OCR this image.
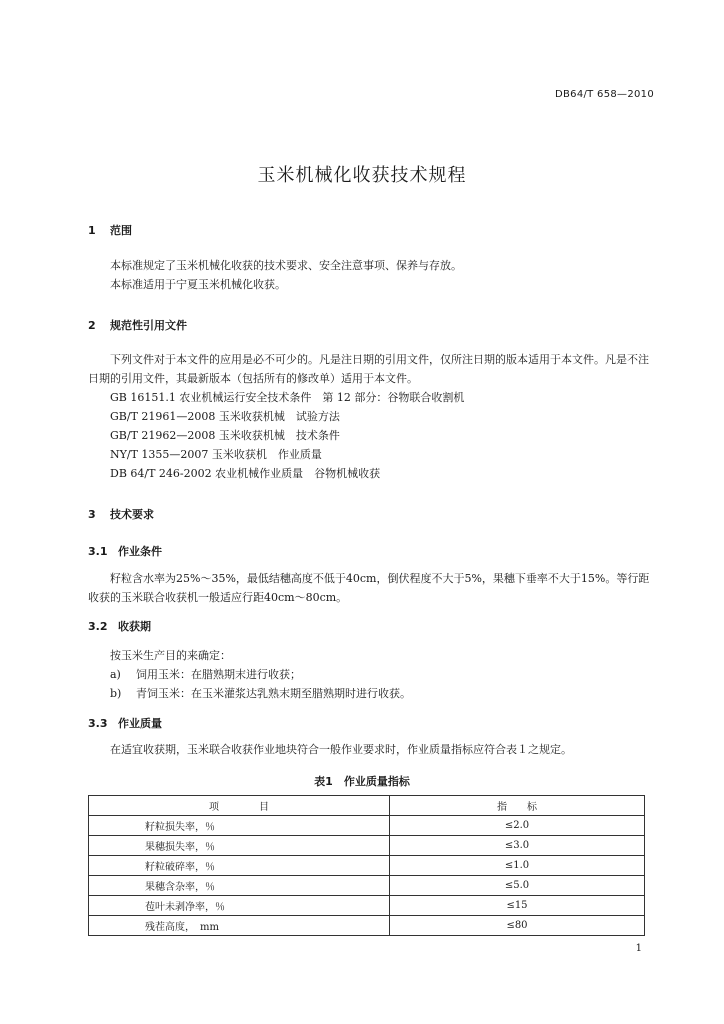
DB64/T 658—2010
玉米机械化收获技术规程
1 范围
本标准规定了玉米机械化收获的技术要求、安全注意事项、保养与存放。
本标准适用于宁夏玉米机械化收获。
2 规范性引用文件
下列文件对于本文件的应用是必不可少的。凡是注日期的引用文件，仅所注日期的版本适用于本文件。凡是不注日期的引用文件，其最新版本（包括所有的修改单）适用于本文件。
GB 16151.1 农业机械运行安全技术条件　第 12 部分：谷物联合收割机
GB/T 21961—2008 玉米收获机械　试验方法
GB/T 21962—2008 玉米收获机械　技术条件
NY/T 1355—2007 玉米收获机　作业质量
DB 64/T 246-2002 农业机械作业质量　谷物机械收获
3 技术要求
3.1 作业条件
籽粒含水率为25%～35%，最低结穗高度不低于40cm，倒伏程度不大于5%，果穗下垂率不大于15%。等行距收获的玉米联合收获机一般适应行距40cm～80cm。
3.2 收获期
按玉米生产目的来确定：
a) 饲用玉米：在腊熟期末进行收获；
b) 青饲玉米：在玉米灌浆达乳熟末期至腊熟期时进行收获。
3.3 作业质量
在适宜收获期，玉米联合收获作业地块符合一般作业要求时，作业质量指标应符合表１之规定。
表1　作业质量指标
项　　　　目	指　　标
籽粒损失率，％	≤2.0
果穗损失率，％	≤3.0
籽粒破碎率，％	≤1.0
果穗含杂率，％	≤5.0
苞叶未剥净率，％	≤15
残茬高度，　mm	≤80
1
